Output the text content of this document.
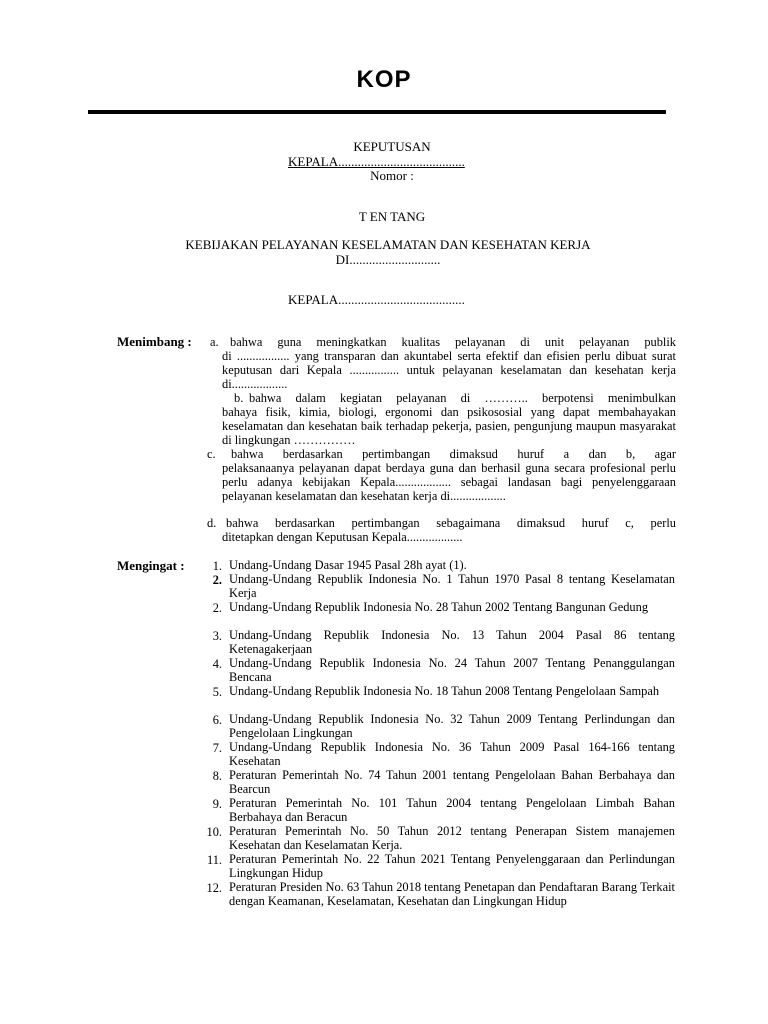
KOP
KEPUTUSAN
KEPALA.......................................
Nomor :
T EN TANG
KEBIJAKAN PELAYANAN KESELAMATAN DAN KESEHATAN KERJA
DI............................
KEPALA.......................................
Menimbang : a. bahwa guna meningkatkan kualitas pelayanan di unit pelayanan publik
di ................. yang transparan dan akuntabel serta efektif dan efisien perlu dibuat surat keputusan dari Kepala ................ untuk pelayanan keselamatan dan kesehatan kerja di..................
b. bahwa dalam kegiatan pelayanan di ……….. berpotensi menimbulkan
bahaya fisik, kimia, biologi, ergonomi dan psikososial yang dapat membahayakan keselamatan dan kesehatan baik terhadap pekerja, pasien, pengunjung maupun masyarakat di lingkungan ……………
c.	bahwa berdasarkan pertimbangan dimaksud huruf a dan b, agar
pelaksanaanya pelayanan dapat berdaya guna dan berhasil guna secara profesional perlu perlu adanya kebijakan Kepala.................. sebagai landasan bagi penyelenggaraan pelayanan keselamatan dan kesehatan kerja di..................
d. bahwa berdasarkan pertimbangan sebagaimana dimaksud huruf c, perlu
ditetapkan dengan Keputusan Kepala..................
Mengingat :	1. Undang-Undang Dasar 1945 Pasal 28h ayat (1).
2. Undang-Undang Republik Indonesia No. 1 Tahun 1970 Pasal 8 tentang Keselamatan Kerja
2. Undang-Undang Republik Indonesia No. 28 Tahun 2002 Tentang Bangunan Gedung
3. Undang-Undang Republik Indonesia No. 13 Tahun 2004 Pasal 86 tentang Ketenagakerjaan
4. Undang-Undang Republik Indonesia No. 24 Tahun 2007 Tentang Penanggulangan Bencana
5. Undang-Undang Republik Indonesia No. 18 Tahun 2008 Tentang Pengelolaan Sampah
6. Undang-Undang Republik Indonesia No. 32 Tahun 2009 Tentang Perlindungan dan Pengelolaan Lingkungan
7. Undang-Undang Republik Indonesia No. 36 Tahun 2009 Pasal 164-166 tentang Kesehatan
8. Peraturan Pemerintah No. 74 Tahun 2001 tentang Pengelolaan Bahan Berbahaya dan Bearcun
9. Peraturan Pemerintah No. 101 Tahun 2004 tentang Pengelolaan Limbah Bahan Berbahaya dan Beracun
10. Peraturan Pemerintah No. 50 Tahun 2012 tentang Penerapan Sistem manajemen Kesehatan dan Keselamatan Kerja.
11. Peraturan Pemerintah No. 22 Tahun 2021 Tentang Penyelenggaraan dan Perlindungan Lingkungan Hidup
12. Peraturan Presiden No. 63 Tahun 2018 tentang Penetapan dan Pendaftaran Barang Terkait dengan Keamanan, Keselamatan, Kesehatan dan Lingkungan Hidup
